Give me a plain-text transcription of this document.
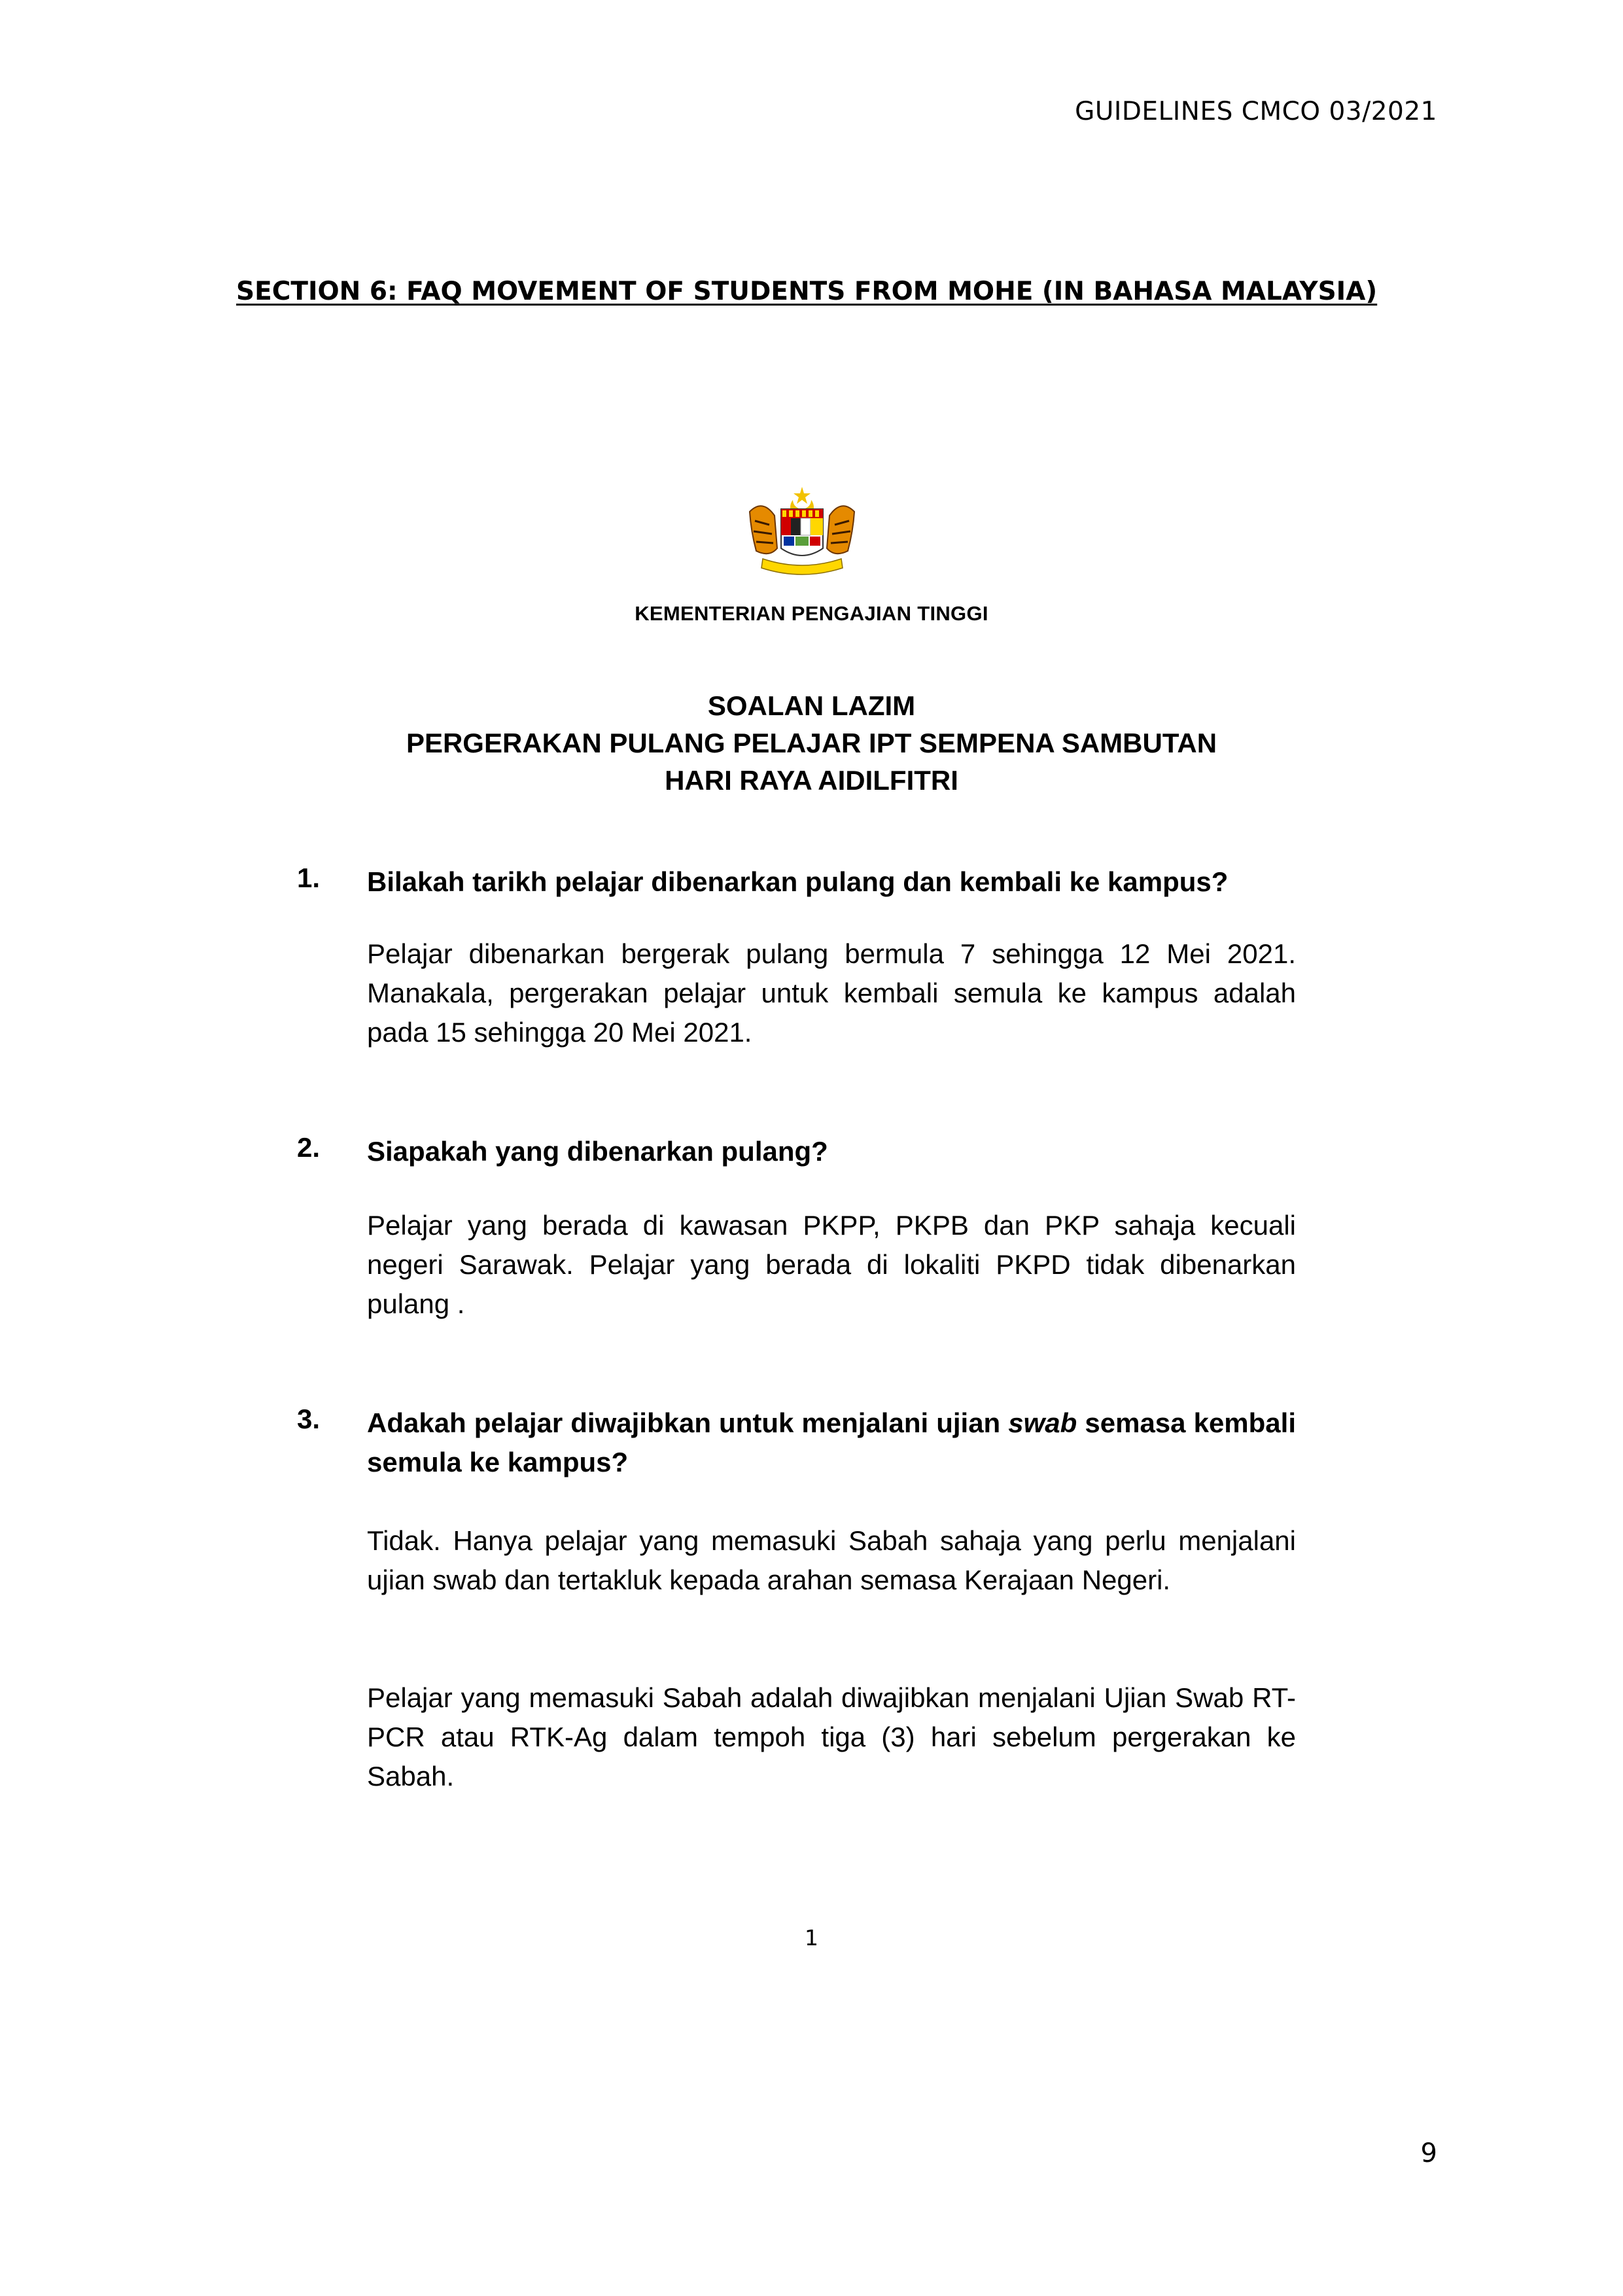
GUIDELINES CMCO 03/2021
SECTION 6: FAQ MOVEMENT OF STUDENTS FROM MOHE (IN BAHASA MALAYSIA)
KEMENTERIAN PENGAJIAN TINGGI
SOALAN LAZIM
PERGERAKAN PULANG PELAJAR IPT SEMPENA SAMBUTAN
HARI RAYA AIDILFITRI
1. Bilakah tarikh pelajar dibenarkan pulang dan kembali ke kampus?
Pelajar dibenarkan bergerak pulang bermula 7 sehingga 12 Mei 2021. Manakala, pergerakan pelajar untuk kembali semula ke kampus adalah pada 15 sehingga 20 Mei 2021.
2. Siapakah yang dibenarkan pulang?
Pelajar yang berada di kawasan PKPP, PKPB dan PKP sahaja kecuali negeri Sarawak. Pelajar yang berada di lokaliti PKPD tidak dibenarkan pulang .
3. Adakah pelajar diwajibkan untuk menjalani ujian swab semasa kembali semula ke kampus?
Tidak. Hanya pelajar yang memasuki Sabah sahaja yang perlu menjalani ujian swab dan tertakluk kepada arahan semasa Kerajaan Negeri.
Pelajar yang memasuki Sabah adalah diwajibkan menjalani Ujian Swab RT-PCR atau RTK-Ag dalam tempoh tiga (3) hari sebelum pergerakan ke Sabah.
1
9
